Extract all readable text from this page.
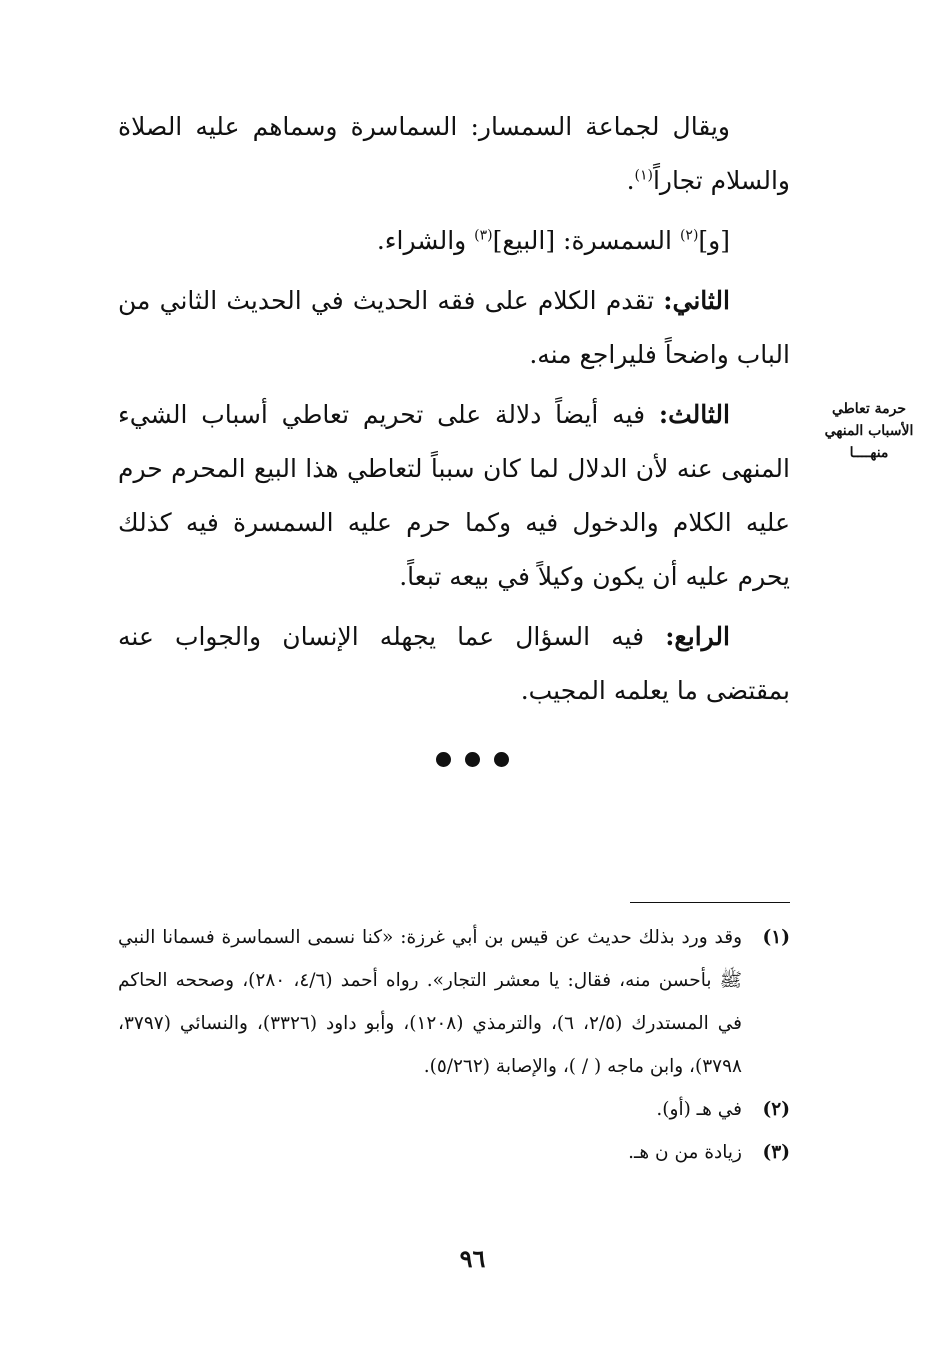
ويقال لجماعة السمسار: السماسرة وسماهم عليه الصلاة والسلام تجاراً$^{(١)}$.

[و]$^{(٢)}$ السمسرة: [البيع]$^{(٣)}$ والشراء.

الثاني: تقدم الكلام على فقه الحديث في الحديث الثاني من الباب واضحاً فليراجع منه.

الثالث: فيه أيضاً دلالة على تحريم تعاطي أسباب الشيء المنهى عنه لأن الدلال لما كان سبباً لتعاطي هذا البيع المحرم حرم عليه الكلام والدخول فيه وكما حرم عليه السمسرة فيه كذلك يحرم عليه أن يكون وكيلاً في بيعه تبعاً.

الرابع: فيه السؤال عما يجهله الإنسان والجواب عنه بمقتضى ما يعلمه المجيب.

حرمة تعاطي
الأسباب المنهي
منهــــا
(١)
وقد ورد بذلك حديث عن قيس بن أبي غرزة: «كنا نسمى السماسرة فسمانا النبي ﷺ بأحسن منه، فقال: يا معشر التجار». رواه أحمد (٤/٦، ٢٨٠)، وصححه الحاكم في المستدرك (٢/٥، ٦)، والترمذي (١٢٠٨)، وأبو داود (٣٣٢٦)، والنسائي (٣٧٩٧، ٣٧٩٨)، وابن ماجه ( / )، والإصابة (٥/٢٦٢).
(٢)
في هـ (أو).
(٣)
زيادة من ن هـ.
٩٦
